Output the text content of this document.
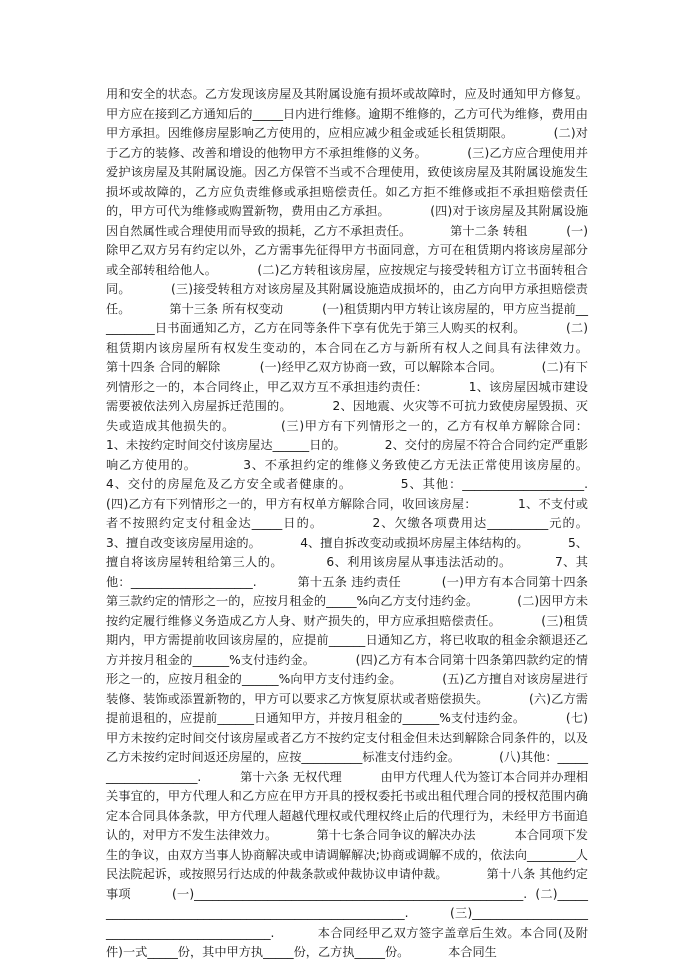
用和安全的状态。乙方发现该房屋及其附属设施有损坏或故障时，应及时通知甲方修复。甲方应在接到乙方通知后的_____日内进行维修。逾期不维修的，乙方可代为维修，费用由甲方承担。因维修房屋影响乙方使用的，应相应减少租金或延长租赁期限。          (二)对于乙方的装修、改善和增设的他物甲方不承担维修的义务。          (三)乙方应合理使用并爱护该房屋及其附属设施。因乙方保管不当或不合理使用，致使该房屋及其附属设施发生损坏或故障的，乙方应负责维修或承担赔偿责任。如乙方拒不维修或拒不承担赔偿责任的，甲方可代为维修或购置新物，费用由乙方承担。          (四)对于该房屋及其附属设施因自然属性或合理使用而导致的损耗，乙方不承担责任。          第十二条 转租          (一)除甲乙双方另有约定以外，乙方需事先征得甲方书面同意，方可在租赁期内将该房屋部分或全部转租给他人。          (二)乙方转租该房屋，应按规定与接受转租方订立书面转租合同。          (三)接受转租方对该房屋及其附属设施造成损坏的，由乙方向甲方承担赔偿责任。          第十三条 所有权变动          (一)租赁期内甲方转让该房屋的，甲方应当提前__________日书面通知乙方，乙方在同等条件下享有优先于第三人购买的权利。          (二)租赁期内该房屋所有权发生变动的，本合同在乙方与新所有权人之间具有法律效力。          第十四条 合同的解除          (一)经甲乙双方协商一致，可以解除本合同。          (二)有下列情形之一的，本合同终止，甲乙双方互不承担违约责任：          1、该房屋因城市建设需要被依法列入房屋拆迁范围的。          2、因地震、火灾等不可抗力致使房屋毁损、灭失或造成其他损失的。          (三)甲方有下列情形之一的，乙方有权单方解除合同：          1、未按约定时间交付该房屋达______日的。          2、交付的房屋不符合合同约定严重影响乙方使用的。          3、不承担约定的维修义务致使乙方无法正常使用该房屋的。          4、交付的房屋危及乙方安全或者健康的。          5、其他：____________________.          (四)乙方有下列情形之一的，甲方有权单方解除合同，收回该房屋：          1、不支付或者不按照约定支付租金达_____日的。          2、欠缴各项费用达__________元的。          3、擅自改变该房屋用途的。          4、擅自拆改变动或损坏房屋主体结构的。          5、擅自将该房屋转租给第三人的。          6、利用该房屋从事违法活动的。          7、其他：____________________.          第十五条 违约责任          (一)甲方有本合同第十四条第三款约定的情形之一的，应按月租金的_____%向乙方支付违约金。          (二)因甲方未按约定履行维修义务造成乙方人身、财产损失的，甲方应承担赔偿责任。          (三)租赁期内，甲方需提前收回该房屋的，应提前______日通知乙方，将已收取的租金余额退还乙方并按月租金的______%支付违约金。          (四)乙方有本合同第十四条第四款约定的情形之一的，应按月租金的______%向甲方支付违约金。          (五)乙方擅自对该房屋进行装修、装饰或添置新物的，甲方可以要求乙方恢复原状或者赔偿损失。          (六)乙方需提前退租的，应提前______日通知甲方，并按月租金的______%支付违约金。          (七)甲方未按约定时间交付该房屋或者乙方不按约定支付租金但未达到解除合同条件的，以及乙方未按约定时间返还房屋的，应按__________标准支付违约金。          (八)其他：____________________.          第十六条 无权代理          由甲方代理人代为签订本合同并办理相关事宜的，甲方代理人和乙方应在甲方开具的授权委托书或出租代理合同的授权范围内确定本合同具体条款，甲方代理人超越代理权或代理权终止后的代理行为，未经甲方书面追认的，对甲方不发生法律效力。          第十七条合同争议的解决办法          本合同项下发生的争议，由双方当事人协商解决或申请调解解决;协商或调解不成的，依法向________人民法院起诉，或按照另行达成的仲裁条款或仲裁协议申请仲裁。          第十八条 其他约定事项          (一)______________________________________________________.  (二)______________________________________________________.          (三)______________________________________________.          本合同经甲乙双方签字盖章后生效。本合同(及附件)一式_____份，其中甲方执_____份，乙方执_____份。          本合同生
